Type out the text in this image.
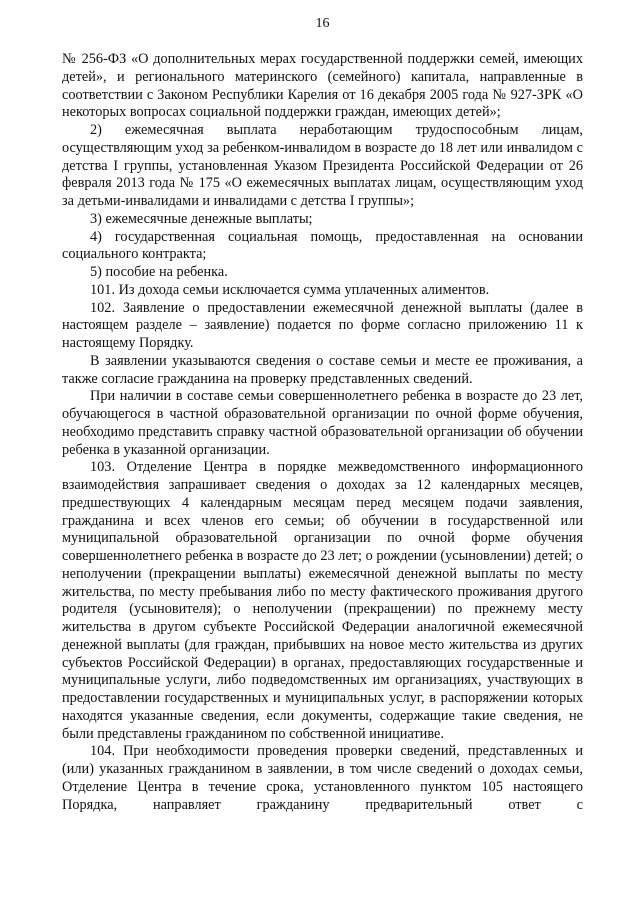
16

№ 256-ФЗ «О дополнительных мерах государственной поддержки семей, имеющих детей», и регионального материнского (семейного) капитала, направленные в соответствии с Законом Республики Карелия от 16 декабря 2005 года № 927-ЗРК «О некоторых вопросах социальной поддержки граждан, имеющих детей»;

2) ежемесячная выплата неработающим трудоспособным лицам, осуществляющим уход за ребенком-инвалидом в возрасте до 18 лет или инвалидом с детства I группы, установленная Указом Президента Российской Федерации от 26 февраля 2013 года № 175 «О ежемесячных выплатах лицам, осуществляющим уход за детьми-инвалидами и инвалидами с детства I группы»;

3) ежемесячные денежные выплаты;

4) государственная социальная помощь, предоставленная на основании социального контракта;

5) пособие на ребенка.

101. Из дохода семьи исключается сумма уплаченных алиментов.

102. Заявление о предоставлении ежемесячной денежной выплаты (далее в настоящем разделе – заявление) подается по форме согласно приложению 11 к настоящему Порядку.

В заявлении указываются сведения о составе семьи и месте ее проживания, а также согласие гражданина на проверку представленных сведений.

При наличии в составе семьи совершеннолетнего ребенка в возрасте до 23 лет, обучающегося в частной образовательной организации по очной форме обучения, необходимо представить справку частной образовательной организации об обучении ребенка в указанной организации.

103. Отделение Центра в порядке межведомственного информационного взаимодействия запрашивает сведения о доходах за 12 календарных месяцев, предшествующих 4 календарным месяцам перед месяцем подачи заявления, гражданина и всех членов его семьи; об обучении в государственной или муниципальной образовательной организации по очной форме обучения совершеннолетнего ребенка в возрасте до 23 лет; о рождении (усыновлении) детей; о неполучении (прекращении выплаты) ежемесячной денежной выплаты по месту жительства, по месту пребывания либо по месту фактического проживания другого родителя (усыновителя); о неполучении (прекращении) по прежнему месту жительства в другом субъекте Российской Федерации аналогичной ежемесячной денежной выплаты (для граждан, прибывших на новое место жительства из других субъектов Российской Федерации) в органах, предоставляющих государственные и муниципальные услуги, либо подведомственных им организациях, участвующих в предоставлении государственных и муниципальных услуг, в распоряжении которых находятся указанные сведения, если документы, содержащие такие сведения, не были представлены гражданином по собственной инициативе.

104. При необходимости проведения проверки сведений, представленных и (или) указанных гражданином в заявлении, в том числе сведений о доходах семьи, Отделение Центра в течение срока, установленного пунктом 105 настоящего Порядка, направляет гражданину предварительный ответ с
